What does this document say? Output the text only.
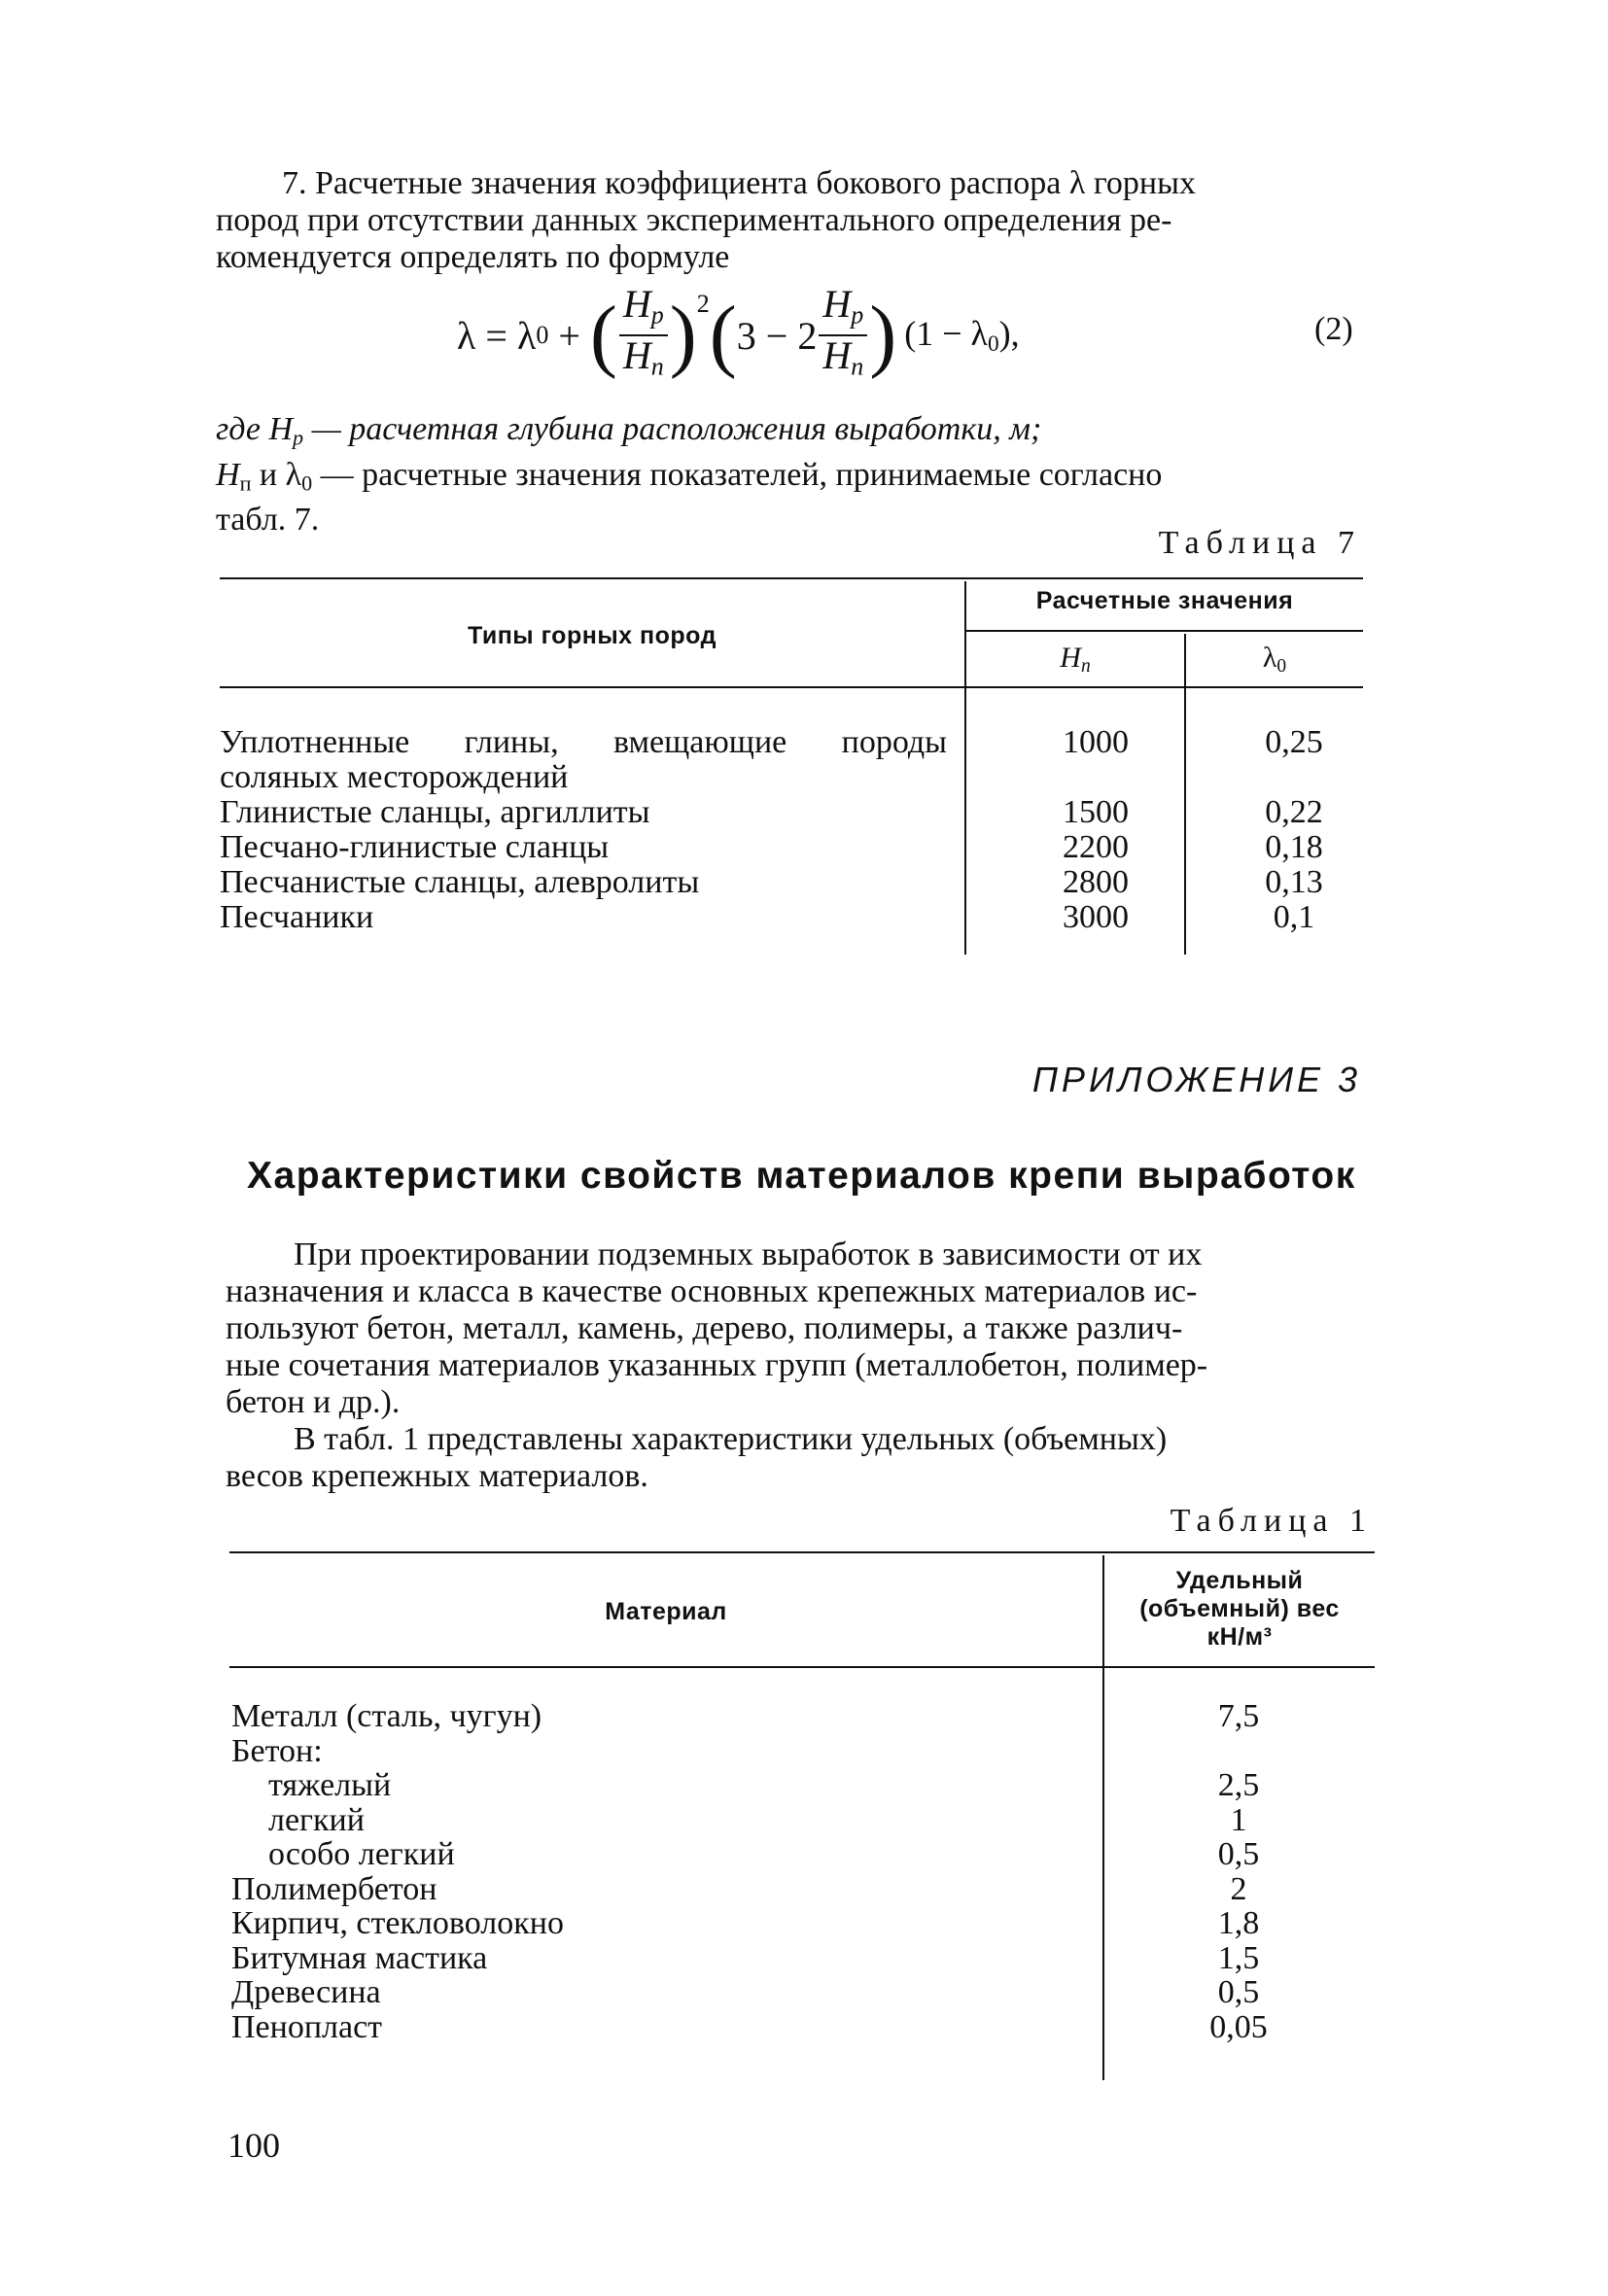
7. Расчетные значения коэффициента бокового распора λ горных
пород при отсутствии данных экспериментального определения ре-
комендуется определять по формуле
λ = λ 0 + ( $\frac{H_р}{H_п}$ ) 2 ( $3 - 2 \frac{H_р}{H_п}$ ) $(1 - \lambda_0)$,	(2)
где $H_р$ — расчетная глубина расположения выработки, м;
$H_п$ и $\lambda_0$ — расчетные значения показателей, принимаемые согласно
табл. 7.
Таблица 7
Типы горных пород
Расчетные значения
$H_п$	$\lambda_0$
Уплотненные глины, вмещающие породы	1000	0,25
соляных месторождений
Глинистые сланцы, аргиллиты	1500	0,22
Песчано-глинистые сланцы	2200	0,18
Песчанистые сланцы, алевролиты	2800	0,13
Песчаники	3000	0,1
ПРИЛОЖЕНИЕ 3
Характеристики свойств материалов крепи выработок
При проектировании подземных выработок в зависимости от их
назначения и класса в качестве основных крепежных материалов ис-
пользуют бетон, металл, камень, дерево, полимеры, а также различ-
ные сочетания материалов указанных групп (металлобетон, полимер-
бетон и др.).
В табл. 1 представлены характеристики удельных (объемных)
весов крепежных материалов.
Таблица 1
Материал
Удельный
(объемный) вес
кН/м³
Металл (сталь, чугун)	7,5
Бетон:
тяжелый	2,5
легкий	1
особо легкий	0,5
Полимербетон	2
Кирпич, стекловолокно	1,8
Битумная мастика	1,5
Древесина	0,5
Пенопласт	0,05
100
